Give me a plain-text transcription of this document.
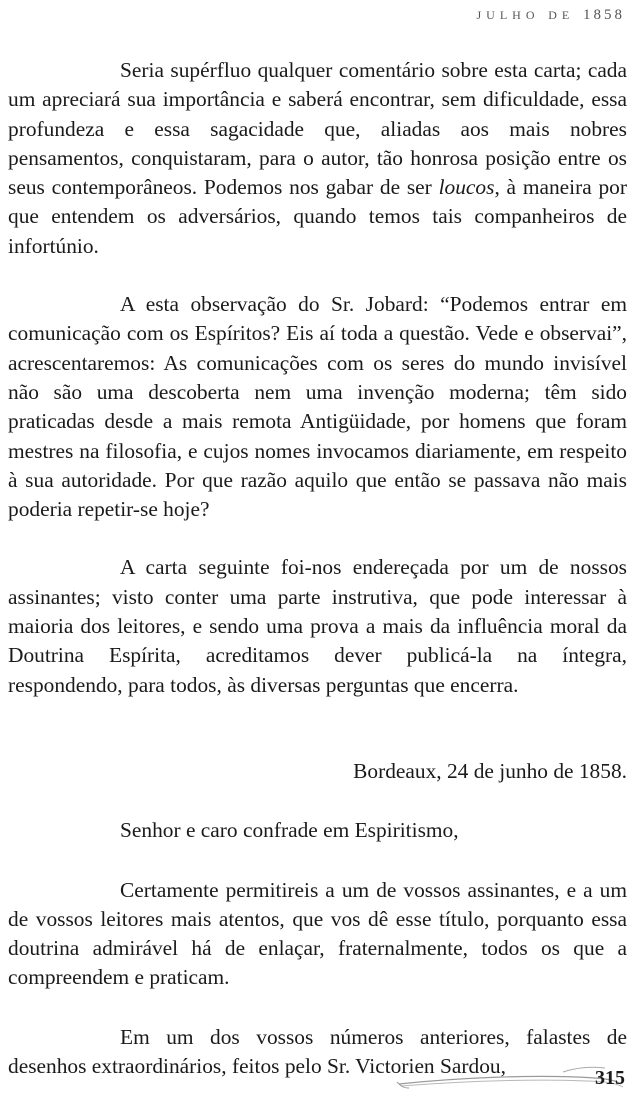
JULHO DE 1858

Seria supérfluo qualquer comentário sobre esta carta; cada um apreciará sua importância e saberá encontrar, sem dificuldade, essa profundeza e essa sagacidade que, aliadas aos mais nobres pensamentos, conquistaram, para o autor, tão honrosa posição entre os seus contemporâneos. Podemos nos gabar de ser loucos, à maneira por que entendem os adversários, quando temos tais companheiros de infortúnio.

A esta observação do Sr. Jobard: “Podemos entrar em comunicação com os Espíritos? Eis aí toda a questão. Vede e observai”, acrescentaremos: As comunicações com os seres do mundo invisível não são uma descoberta nem uma invenção moderna; têm sido praticadas desde a mais remota Antigüidade, por homens que foram mestres na filosofia, e cujos nomes invocamos diariamente, em respeito à sua autoridade. Por que razão aquilo que então se passava não mais poderia repetir-se hoje?

A carta seguinte foi-nos endereçada por um de nossos assinantes; visto conter uma parte instrutiva, que pode interessar à maioria dos leitores, e sendo uma prova a mais da influência moral da Doutrina Espírita, acreditamos dever publicá-la na íntegra, respondendo, para todos, às diversas perguntas que encerra.

Bordeaux, 24 de junho de 1858.

Senhor e caro confrade em Espiritismo,

Certamente permitireis a um de vossos assinantes, e a um de vossos leitores mais atentos, que vos dê esse título, porquanto essa doutrina admirável há de enlaçar, fraternalmente, todos os que a compreendem e praticam.

Em um dos vossos números anteriores, falastes de desenhos extraordinários, feitos pelo Sr. Victorien Sardou,	315
